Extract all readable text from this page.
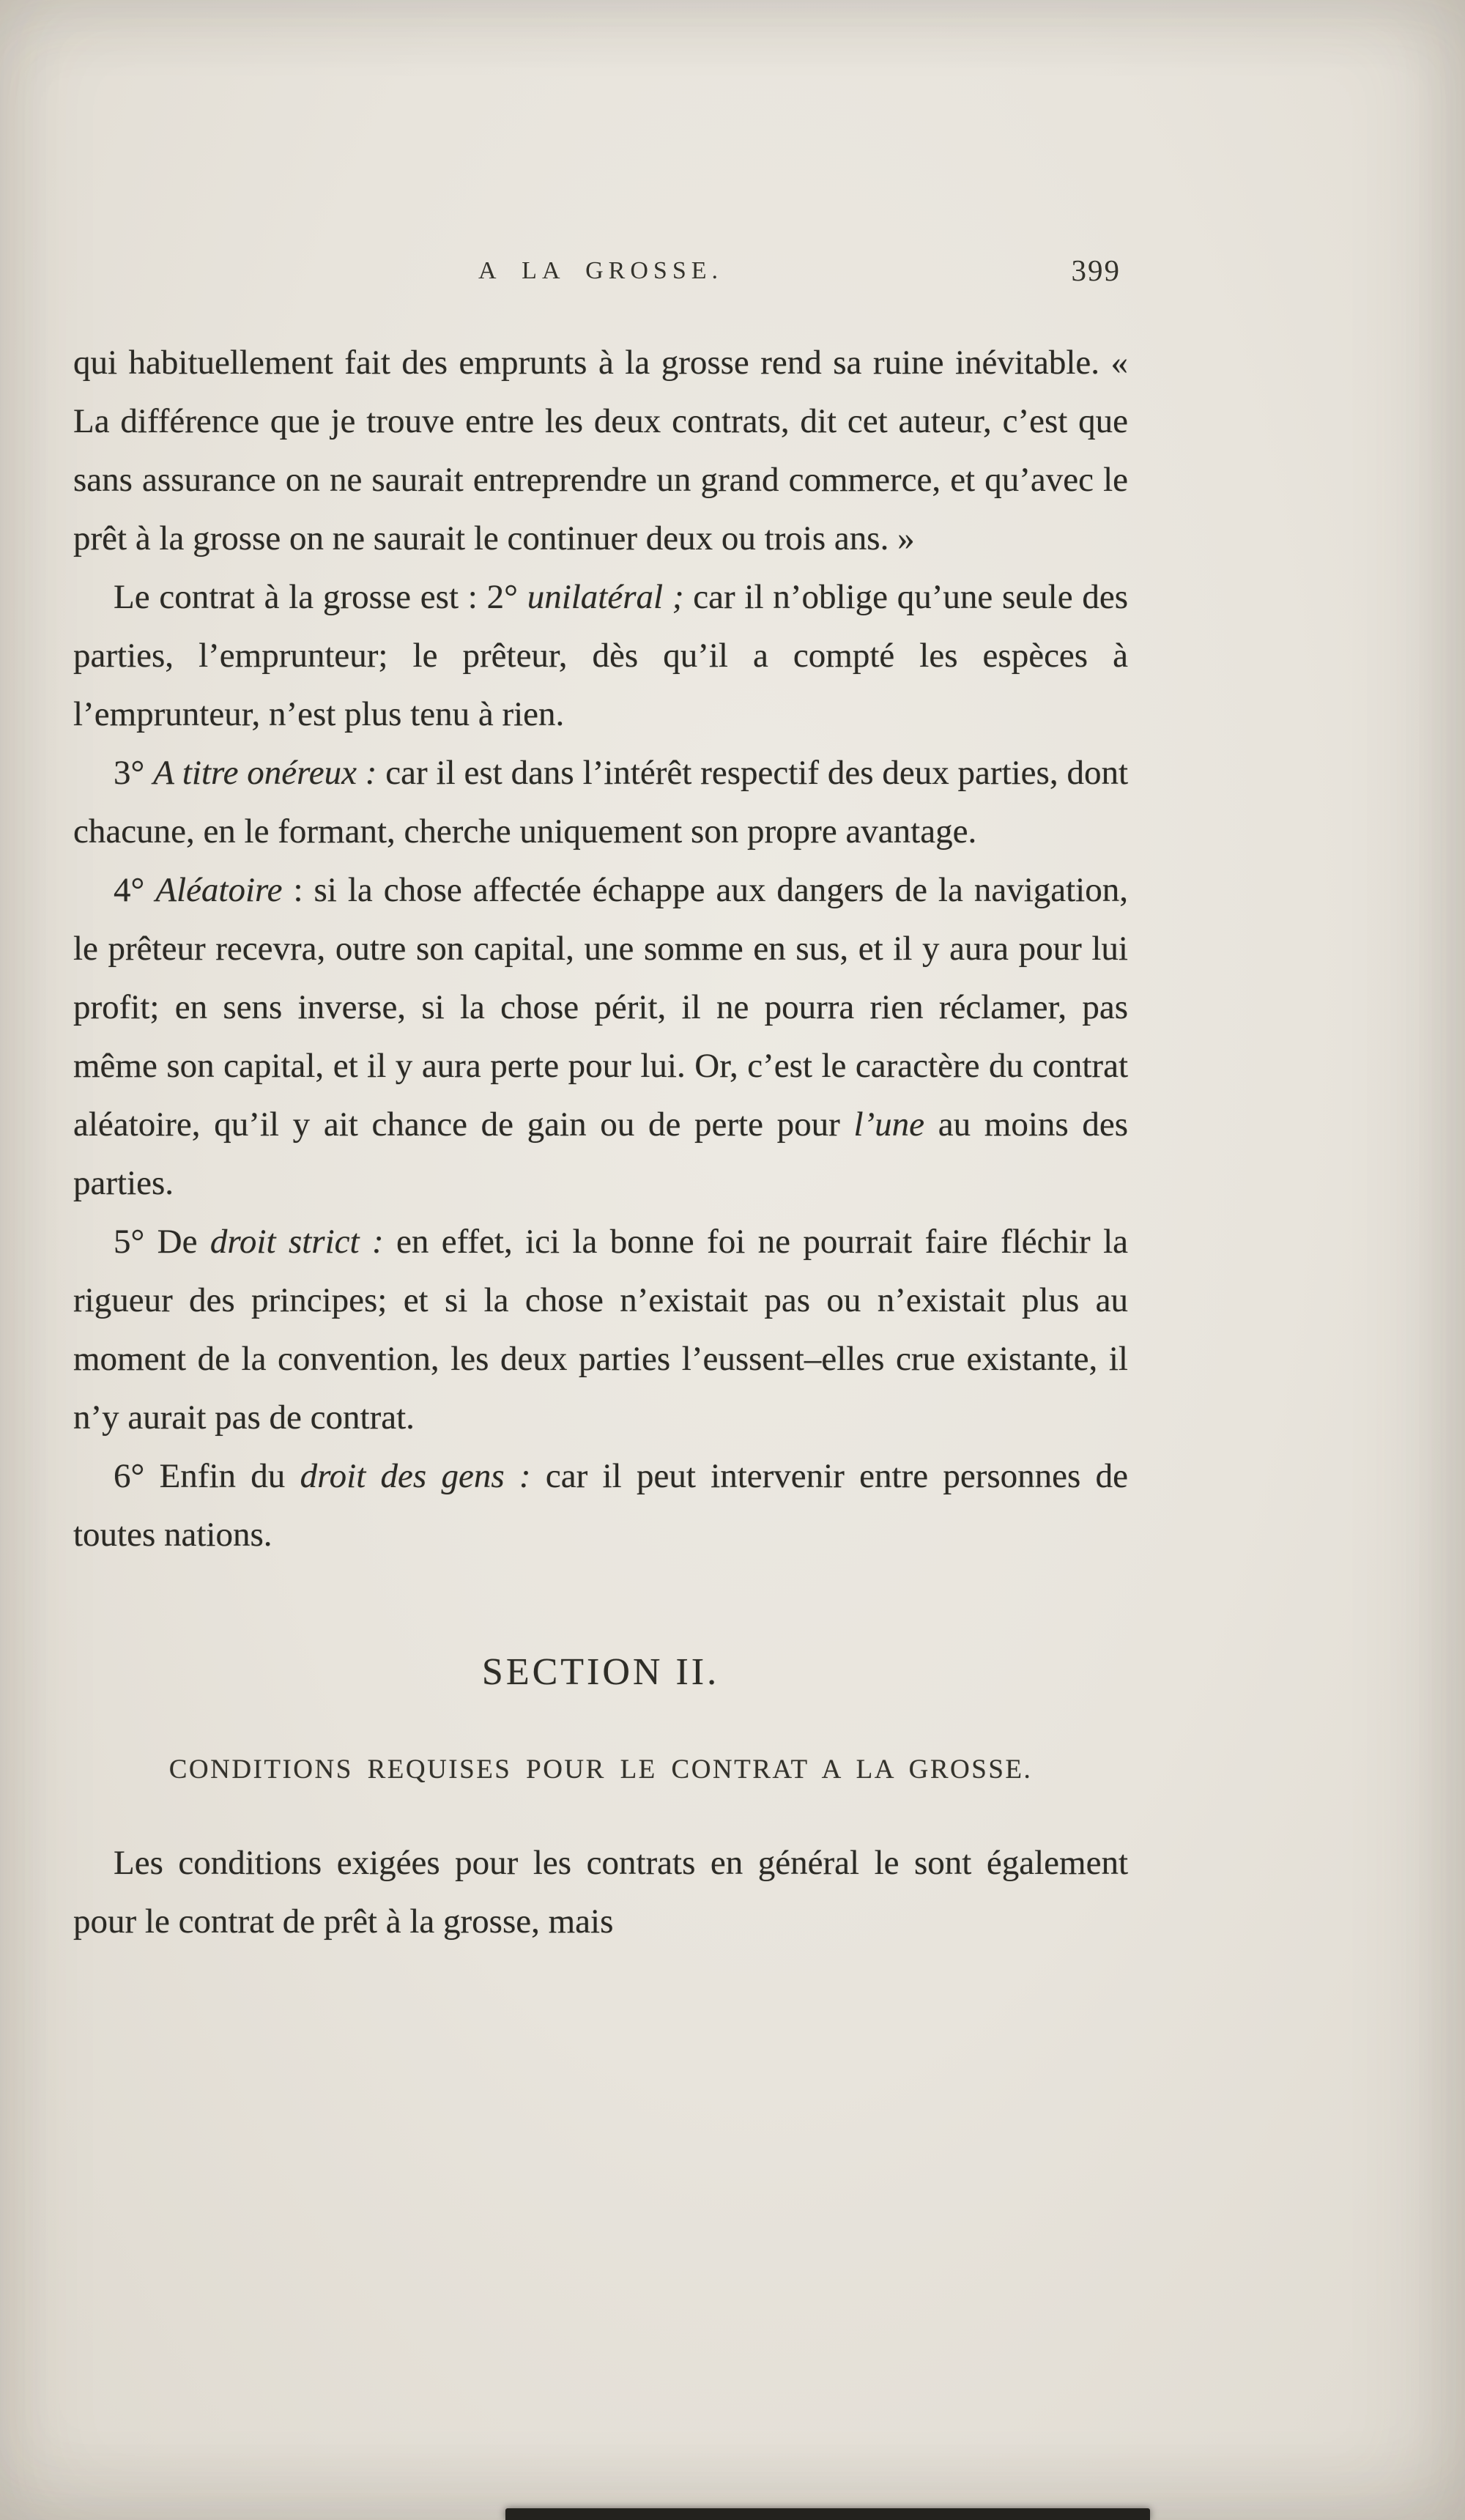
A LA GROSSE.	399

qui habituellement fait des emprunts à la grosse rend sa ruine inévitable. « La différence que je trouve entre les deux contrats, dit cet auteur, c’est que sans assurance on ne saurait entreprendre un grand commerce, et qu’avec le prêt à la grosse on ne saurait le continuer deux ou trois ans. »

Le contrat à la grosse est : 2° unilatéral ; car il n’oblige qu’une seule des parties, l’emprunteur; le prêteur, dès qu’il a compté les espèces à l’emprunteur, n’est plus tenu à rien.

3° A titre onéreux : car il est dans l’intérêt respectif des deux parties, dont chacune, en le formant, cherche uniquement son propre avantage.

4° Aléatoire : si la chose affectée échappe aux dangers de la navigation, le prêteur recevra, outre son capital, une somme en sus, et il y aura pour lui profit; en sens inverse, si la chose périt, il ne pourra rien réclamer, pas même son capital, et il y aura perte pour lui. Or, c’est le caractère du contrat aléatoire, qu’il y ait chance de gain ou de perte pour l’une au moins des parties.

5° De droit strict : en effet, ici la bonne foi ne pourrait faire fléchir la rigueur des principes; et si la chose n’existait pas ou n’existait plus au moment de la convention, les deux parties l’eussent–elles crue existante, il n’y aurait pas de contrat.

6° Enfin du droit des gens : car il peut intervenir entre personnes de toutes nations.

SECTION II.
CONDITIONS REQUISES POUR LE CONTRAT A LA GROSSE.

Les conditions exigées pour les contrats en général le sont également pour le contrat de prêt à la grosse, mais
